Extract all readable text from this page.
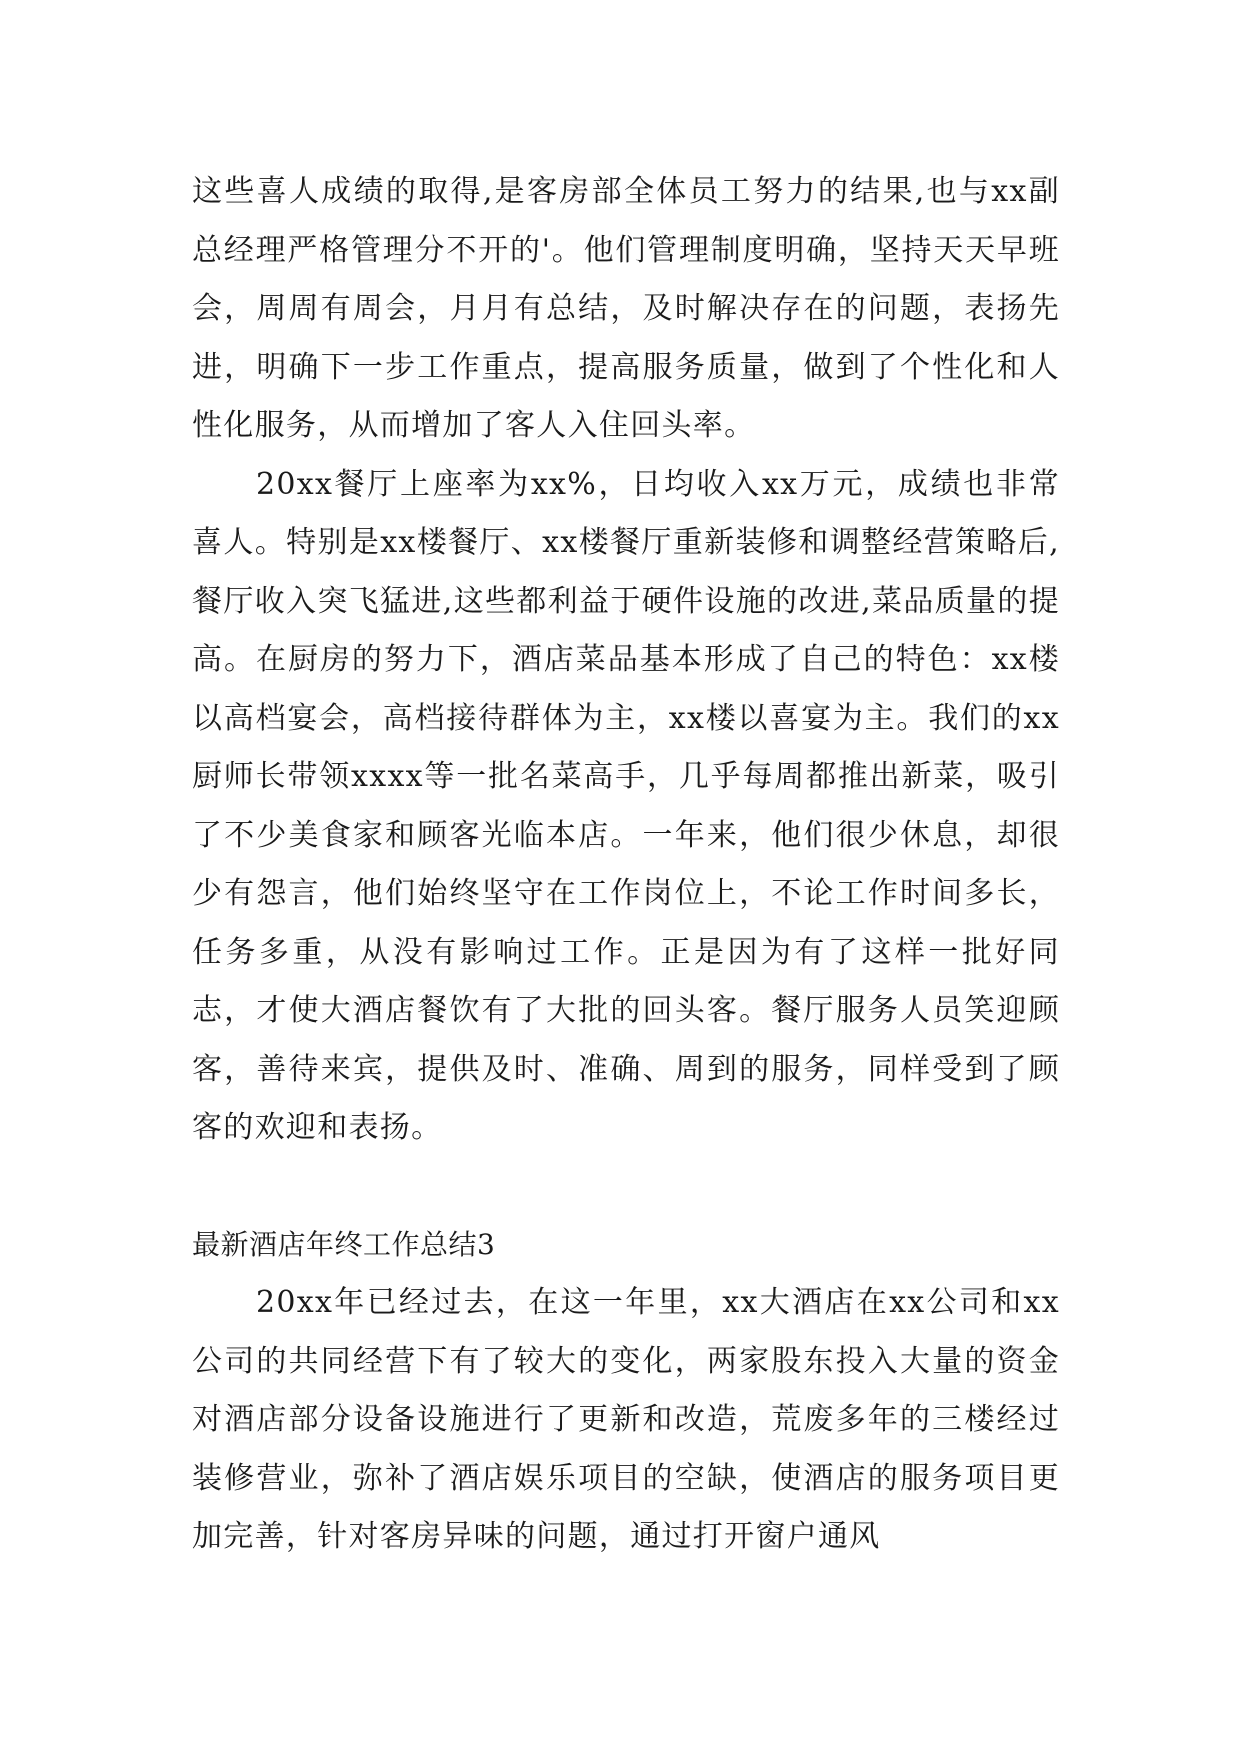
这些喜人成绩的取得,是客房部全体员工努力的结果,也与xx副总经理严格管理分不开的'。他们管理制度明确，坚持天天早班会，周周有周会，月月有总结，及时解决存在的问题，表扬先进，明确下一步工作重点，提高服务质量，做到了个性化和人性化服务，从而增加了客人入住回头率。

20xx餐厅上座率为xx%，日均收入xx万元，成绩也非常喜人。特别是xx楼餐厅、xx楼餐厅重新装修和调整经营策略后,餐厅收入突飞猛进,这些都利益于硬件设施的改进,菜品质量的提高。在厨房的努力下，酒店菜品基本形成了自己的特色：xx楼以高档宴会，高档接待群体为主，xx楼以喜宴为主。我们的xx厨师长带领xxxx等一批名菜高手，几乎每周都推出新菜，吸引了不少美食家和顾客光临本店。一年来，他们很少休息，却很少有怨言，他们始终坚守在工作岗位上，不论工作时间多长，任务多重，从没有影响过工作。正是因为有了这样一批好同志，才使大酒店餐饮有了大批的回头客。餐厅服务人员笑迎顾客，善待来宾，提供及时、准确、周到的服务，同样受到了顾客的欢迎和表扬。

最新酒店年终工作总结3

20xx年已经过去，在这一年里，xx大酒店在xx公司和xx公司的共同经营下有了较大的变化，两家股东投入大量的资金对酒店部分设备设施进行了更新和改造，荒废多年的三楼经过装修营业，弥补了酒店娱乐项目的空缺，使酒店的服务项目更加完善，针对客房异味的问题，通过打开窗户通风
